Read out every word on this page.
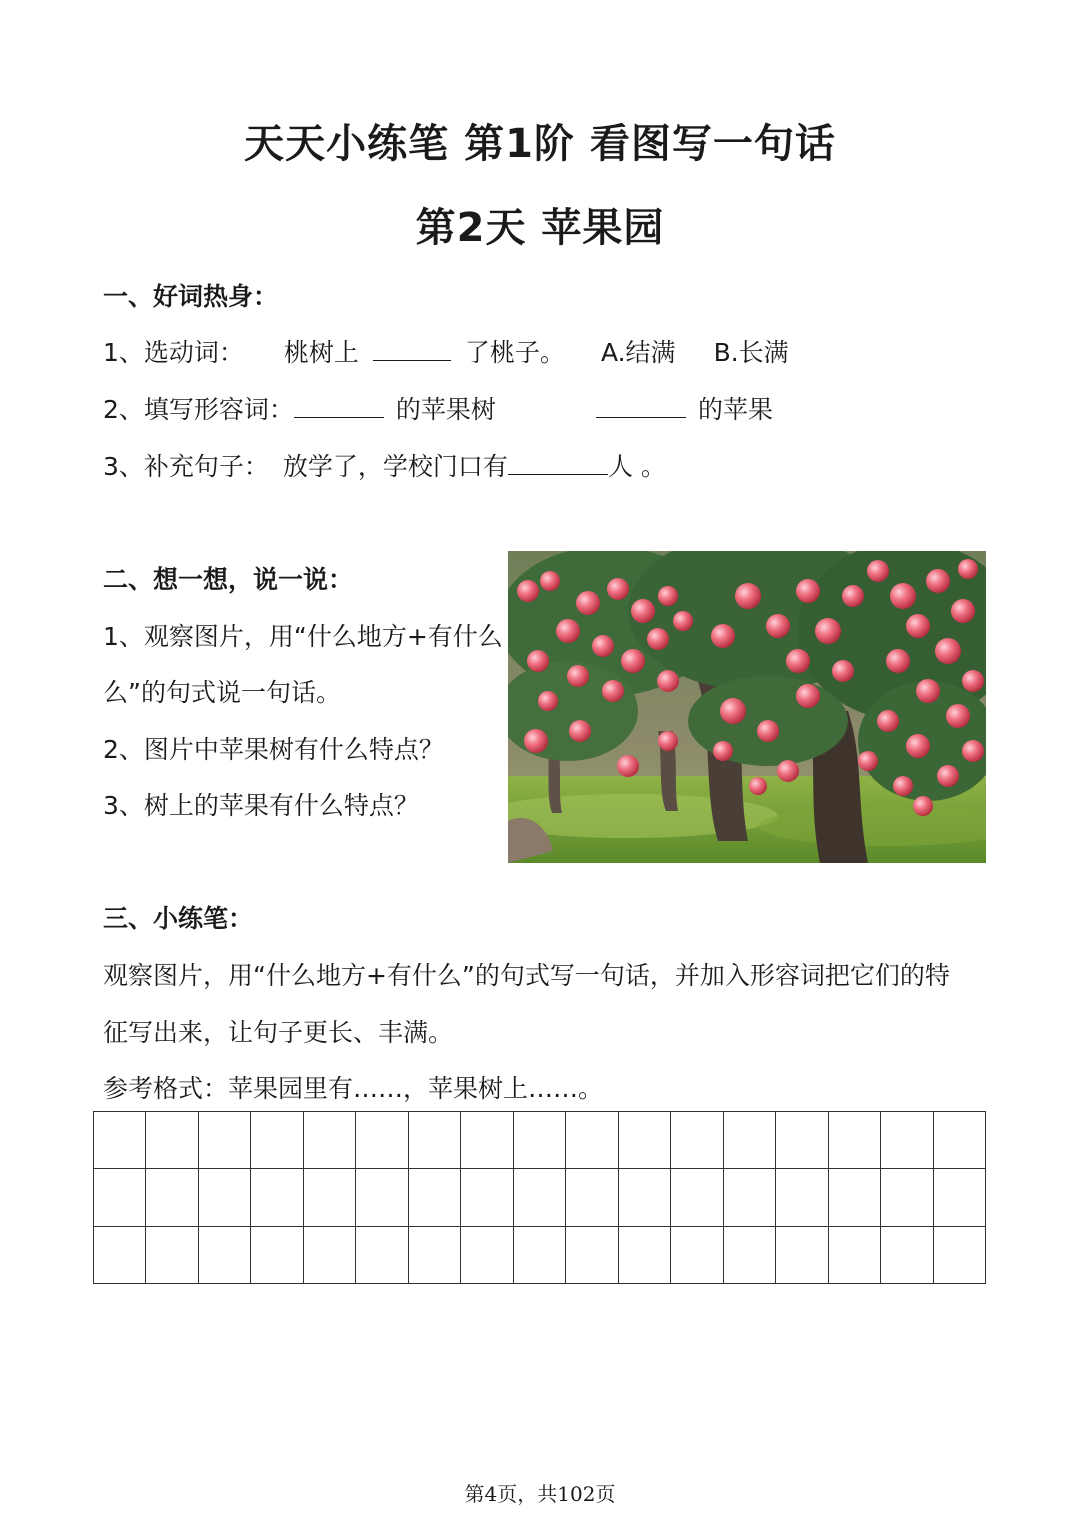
天天小练笔 第1阶 看图写一句话
第2天 苹果园
一、好词热身：
1、选动词： 桃树上	了桃子。 A.结满 B.长满
2、填写形容词：	的苹果树	的苹果
3、补充句子： 放学了，学校门口有	人 。
二、想一想，说一说：
1、观察图片，用“什么地方+有什么
么”的句式说一句话。
2、图片中苹果树有什么特点？
3、树上的苹果有什么特点？
三、小练笔：
观察图片，用“什么地方+有什么”的句式写一句话，并加入形容词把它们的特
征写出来，让句子更长、丰满。
参考格式：苹果园里有……，苹果树上……。

第4页，共102页
